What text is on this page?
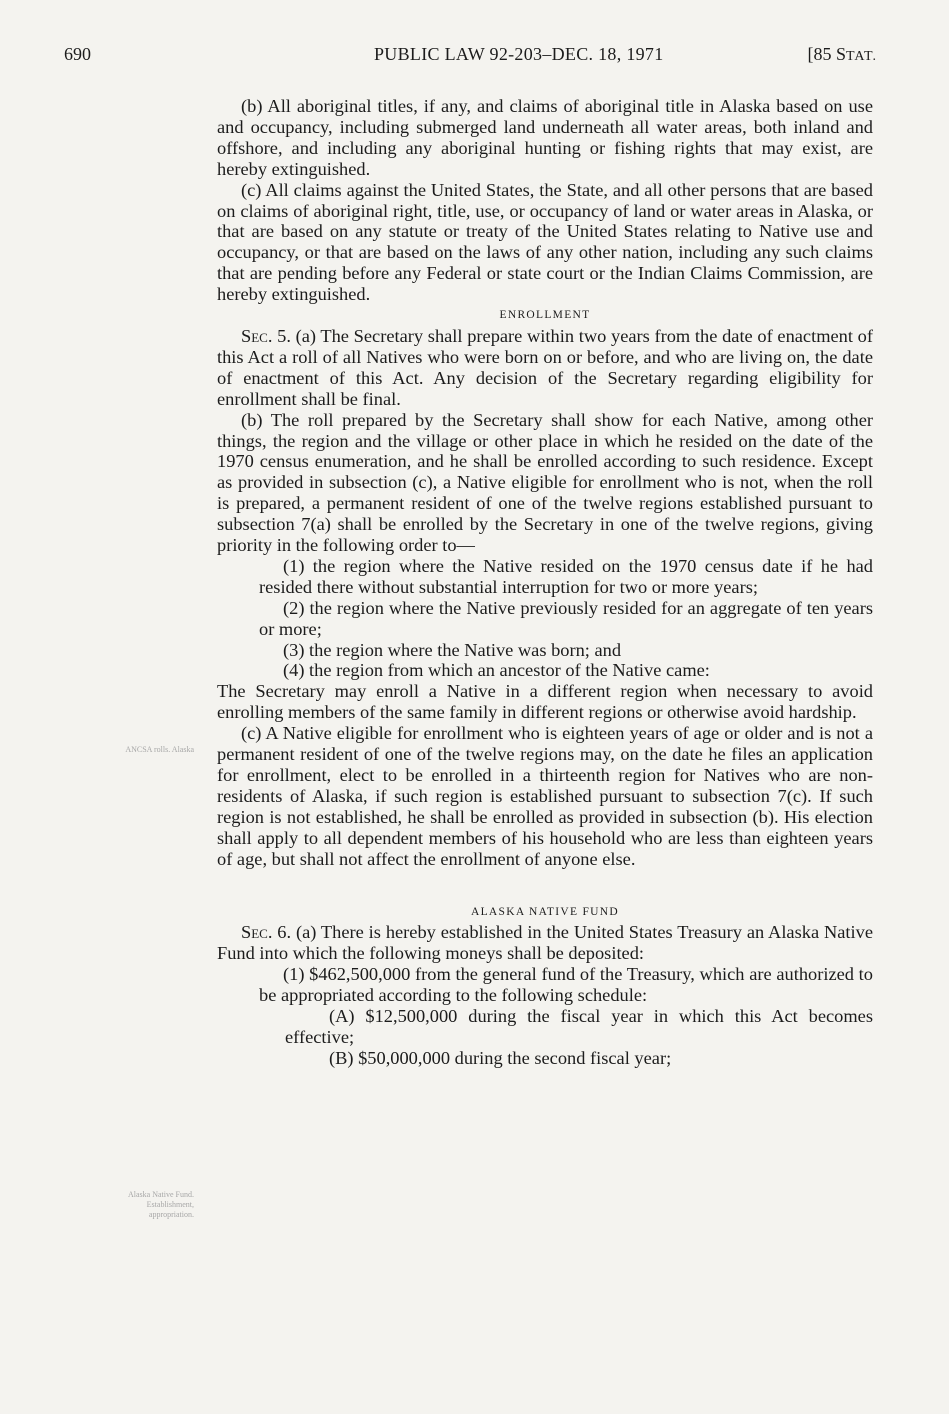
690	PUBLIC LAW 92-203–DEC. 18, 1971	[85 STAT.
ANCSA rolls. Alaska
Alaska Native Fund. Establishment, appropriation.

(b) All aboriginal titles, if any, and claims of aboriginal title in Alaska based on use and occupancy, including submerged land underneath all water areas, both inland and offshore, and including any aboriginal hunting or fishing rights that may exist, are hereby extinguished.

(c) All claims against the United States, the State, and all other persons that are based on claims of aboriginal right, title, use, or occupancy of land or water areas in Alaska, or that are based on any statute or treaty of the United States relating to Native use and occupancy, or that are based on the laws of any other nation, including any such claims that are pending before any Federal or state court or the Indian Claims Commission, are hereby extinguished.

ENROLLMENT

Sec. 5. (a) The Secretary shall prepare within two years from the date of enactment of this Act a roll of all Natives who were born on or before, and who are living on, the date of enactment of this Act. Any decision of the Secretary regarding eligibility for enrollment shall be final.

(b) The roll prepared by the Secretary shall show for each Native, among other things, the region and the village or other place in which he resided on the date of the 1970 census enumeration, and he shall be enrolled according to such residence. Except as provided in subsection (c), a Native eligible for enrollment who is not, when the roll is prepared, a permanent resident of one of the twelve regions established pursuant to subsection 7(a) shall be enrolled by the Secretary in one of the twelve regions, giving priority in the following order to—

(1) the region where the Native resided on the 1970 census date if he had resided there without substantial interruption for two or more years;

(2) the region where the Native previously resided for an aggregate of ten years or more;

(3) the region where the Native was born; and

(4) the region from which an ancestor of the Native came:

The Secretary may enroll a Native in a different region when necessary to avoid enrolling members of the same family in different regions or otherwise avoid hardship.

(c) A Native eligible for enrollment who is eighteen years of age or older and is not a permanent resident of one of the twelve regions may, on the date he files an application for enrollment, elect to be enrolled in a thirteenth region for Natives who are non-residents of Alaska, if such region is established pursuant to subsection 7(c). If such region is not established, he shall be enrolled as provided in subsection (b). His election shall apply to all dependent members of his household who are less than eighteen years of age, but shall not affect the enrollment of anyone else.

ALASKA NATIVE FUND

Sec. 6. (a) There is hereby established in the United States Treasury an Alaska Native Fund into which the following moneys shall be deposited:

(1) $462,500,000 from the general fund of the Treasury, which are authorized to be appropriated according to the following schedule:

(A) $12,500,000 during the fiscal year in which this Act becomes effective;

(B) $50,000,000 during the second fiscal year;
